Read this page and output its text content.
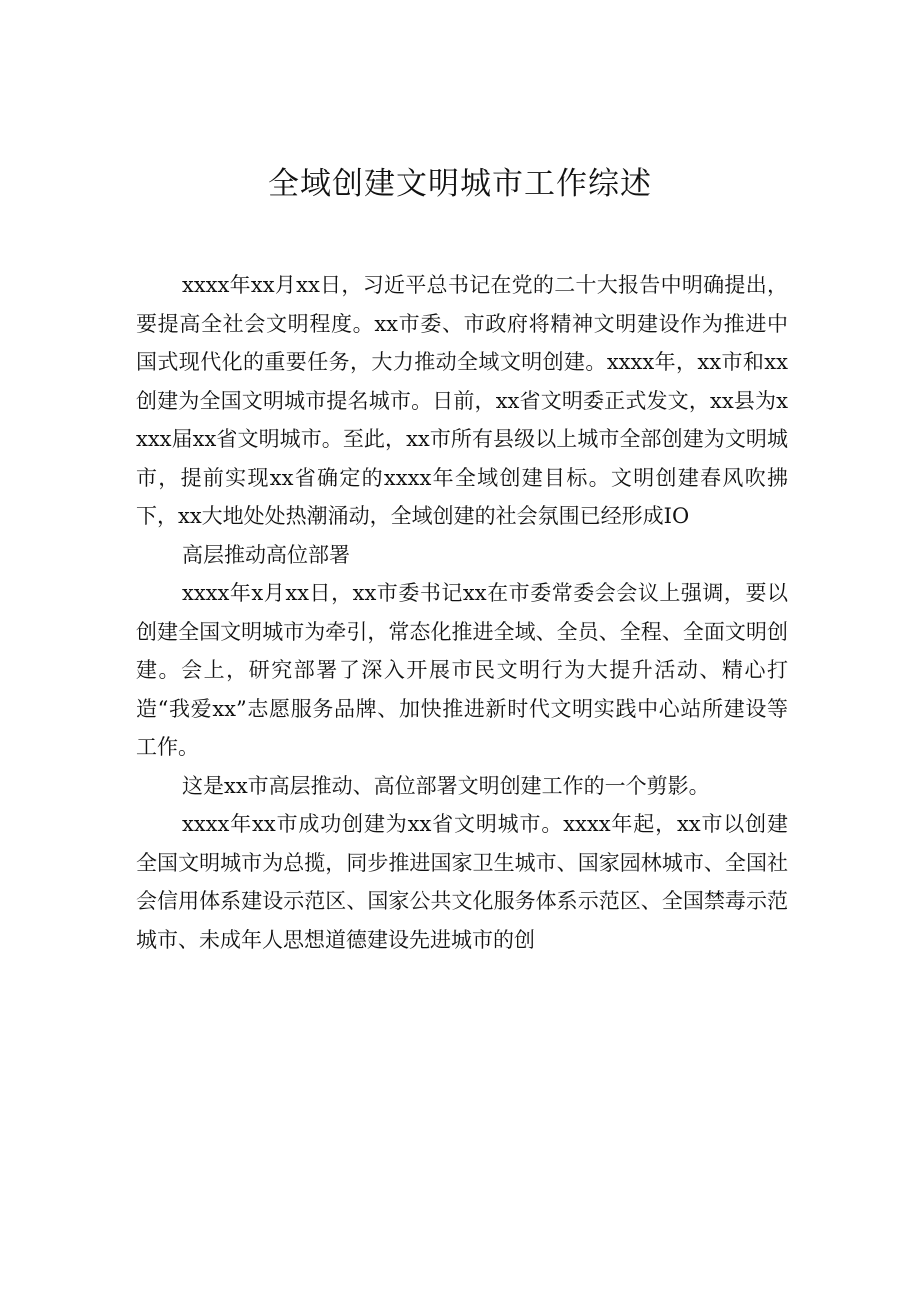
全域创建文明城市工作综述

xxxx年xx月xx日，习近平总书记在党的二十大报告中明确提出，要提高全社会文明程度。xx市委、市政府将精神文明建设作为推进中国式现代化的重要任务，大力推动全域文明创建。xxxx年，xx市和xx创建为全国文明城市提名城市。日前，xx省文明委正式发文，xx县为xxxx届xx省文明城市。至此，xx市所有县级以上城市全部创建为文明城市，提前实现xx省确定的xxxx年全域创建目标。文明创建春风吹拂下，xx大地处处热潮涌动，全域创建的社会氛围已经形成IO

高层推动高位部署

xxxx年x月xx日，xx市委书记xx在市委常委会会议上强调，要以创建全国文明城市为牵引，常态化推进全域、全员、全程、全面文明创建。会上，研究部署了深入开展市民文明行为大提升活动、精心打造“我爱xx”志愿服务品牌、加快推进新时代文明实践中心站所建设等工作。

这是xx市高层推动、高位部署文明创建工作的一个剪影。

xxxx年xx市成功创建为xx省文明城市。xxxx年起，xx市以创建全国文明城市为总揽，同步推进国家卫生城市、国家园林城市、全国社会信用体系建设示范区、国家公共文化服务体系示范区、全国禁毒示范城市、未成年人思想道德建设先进城市的创
